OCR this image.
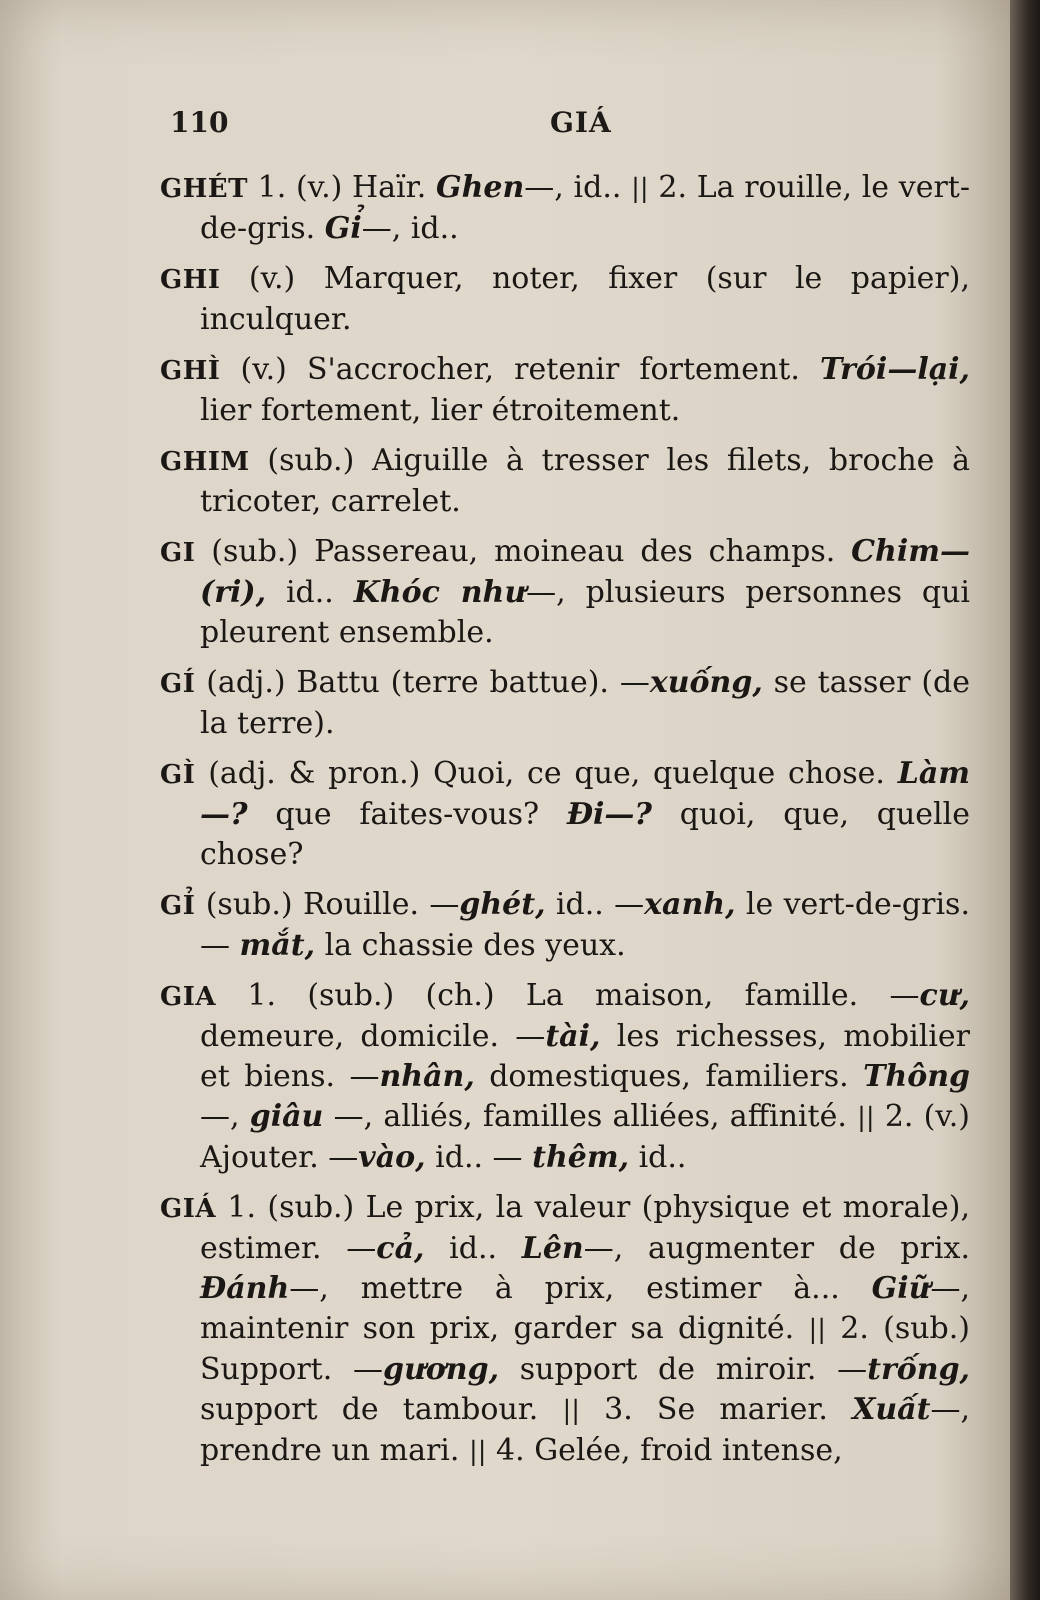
110	GIÁ

GHÉT 1. (v.) Haïr. Ghen—, id.. || 2. La rouille, le vert-de-gris. Gỉ—, id..

GHI (v.) Marquer, noter, fixer (sur le papier), inculquer.

GHÌ (v.) S'accrocher, retenir fortement. Trói—lại, lier fortement, lier étroitement.

GHIM (sub.) Aiguille à tresser les filets, broche à tricoter, carrelet.

GI (sub.) Passereau, moineau des champs. Chim—(ri), id.. Khóc như—, plusieurs personnes qui pleurent ensemble.

GÍ (adj.) Battu (terre battue). —xuống, se tasser (de la terre).

GÌ (adj. & pron.) Quoi, ce que, quelque chose. Làm —? que faites-vous? Đi—? quoi, que, quelle chose?

GỈ (sub.) Rouille. —ghét, id.. —xanh, le vert-de-gris. — mắt, la chassie des yeux.

GIA 1. (sub.) (ch.) La maison, famille. —cư, demeure, domicile. —tài, les richesses, mobilier et biens. —nhân, domestiques, familiers. Thông —, giâu —, alliés, familles alliées, affinité. || 2. (v.) Ajouter. —vào, id.. — thêm, id..

GIÁ 1. (sub.) Le prix, la valeur (physique et morale), estimer. —cả, id.. Lên—, augmenter de prix. Đánh—, mettre à prix, estimer à... Giữ—, maintenir son prix, garder sa dignité. || 2. (sub.) Support. —gương, support de miroir. —trống, support de tambour. || 3. Se marier. Xuất—, prendre un mari. || 4. Gelée, froid intense,
